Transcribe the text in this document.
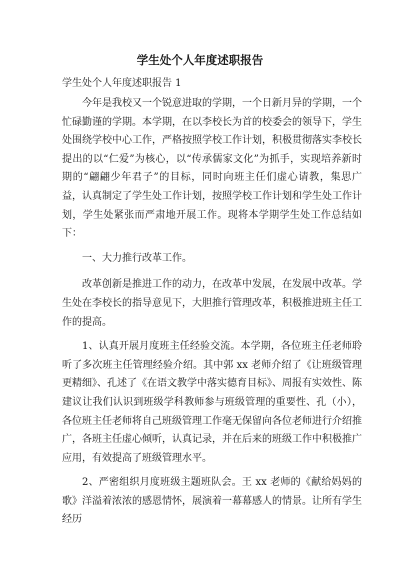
学生处个人年度述职报告
学生处个人年度述职报告 1

今年是我校又一个锐意进取的学期，一个日新月异的学期，一个忙碌勤谨的学期。本学期，在以李校长为首的校委会的领导下，学生处围绕学校中心工作，严格按照学校工作计划，积极贯彻落实李校长提出的以“仁爱”为核心，以“传承儒家文化”为抓手，实现培养新时期的“翩翩少年君子”的目标，同时向班主任们虚心请教，集思广益，认真制定了学生处工作计划，按照学校工作计划和学生处工作计划，学生处紧张而严肃地开展工作。现将本学期学生处工作总结如下：

一、大力推行改革工作。

改革创新是推进工作的动力，在改革中发展，在发展中改革。学生处在李校长的指导意见下，大胆推行管理改革，积极推进班主任工作的提高。

1、认真开展月度班主任经验交流。本学期，各位班主任老师聆听了多次班主任管理经验介绍。其中郭 xx 老师介绍了《让班级管理更精细》、孔述了《在语文教学中落实德育目标》、周报有实效性、陈建议让我们认识到班级学科教师参与班级管理的重要性、孔（小），各位班主任老师将自己班级管理工作毫无保留向各位老师进行介绍推广，各班主任虚心倾听，认真记录，并在后来的班级工作中积极推广应用，有效提高了班级管理水平。

2、严密组织月度班级主题班队会。王 xx 老师的《献给妈妈的歌》洋溢着浓浓的感恩情怀，展演着一幕幕感人的情景。让所有学生经历
